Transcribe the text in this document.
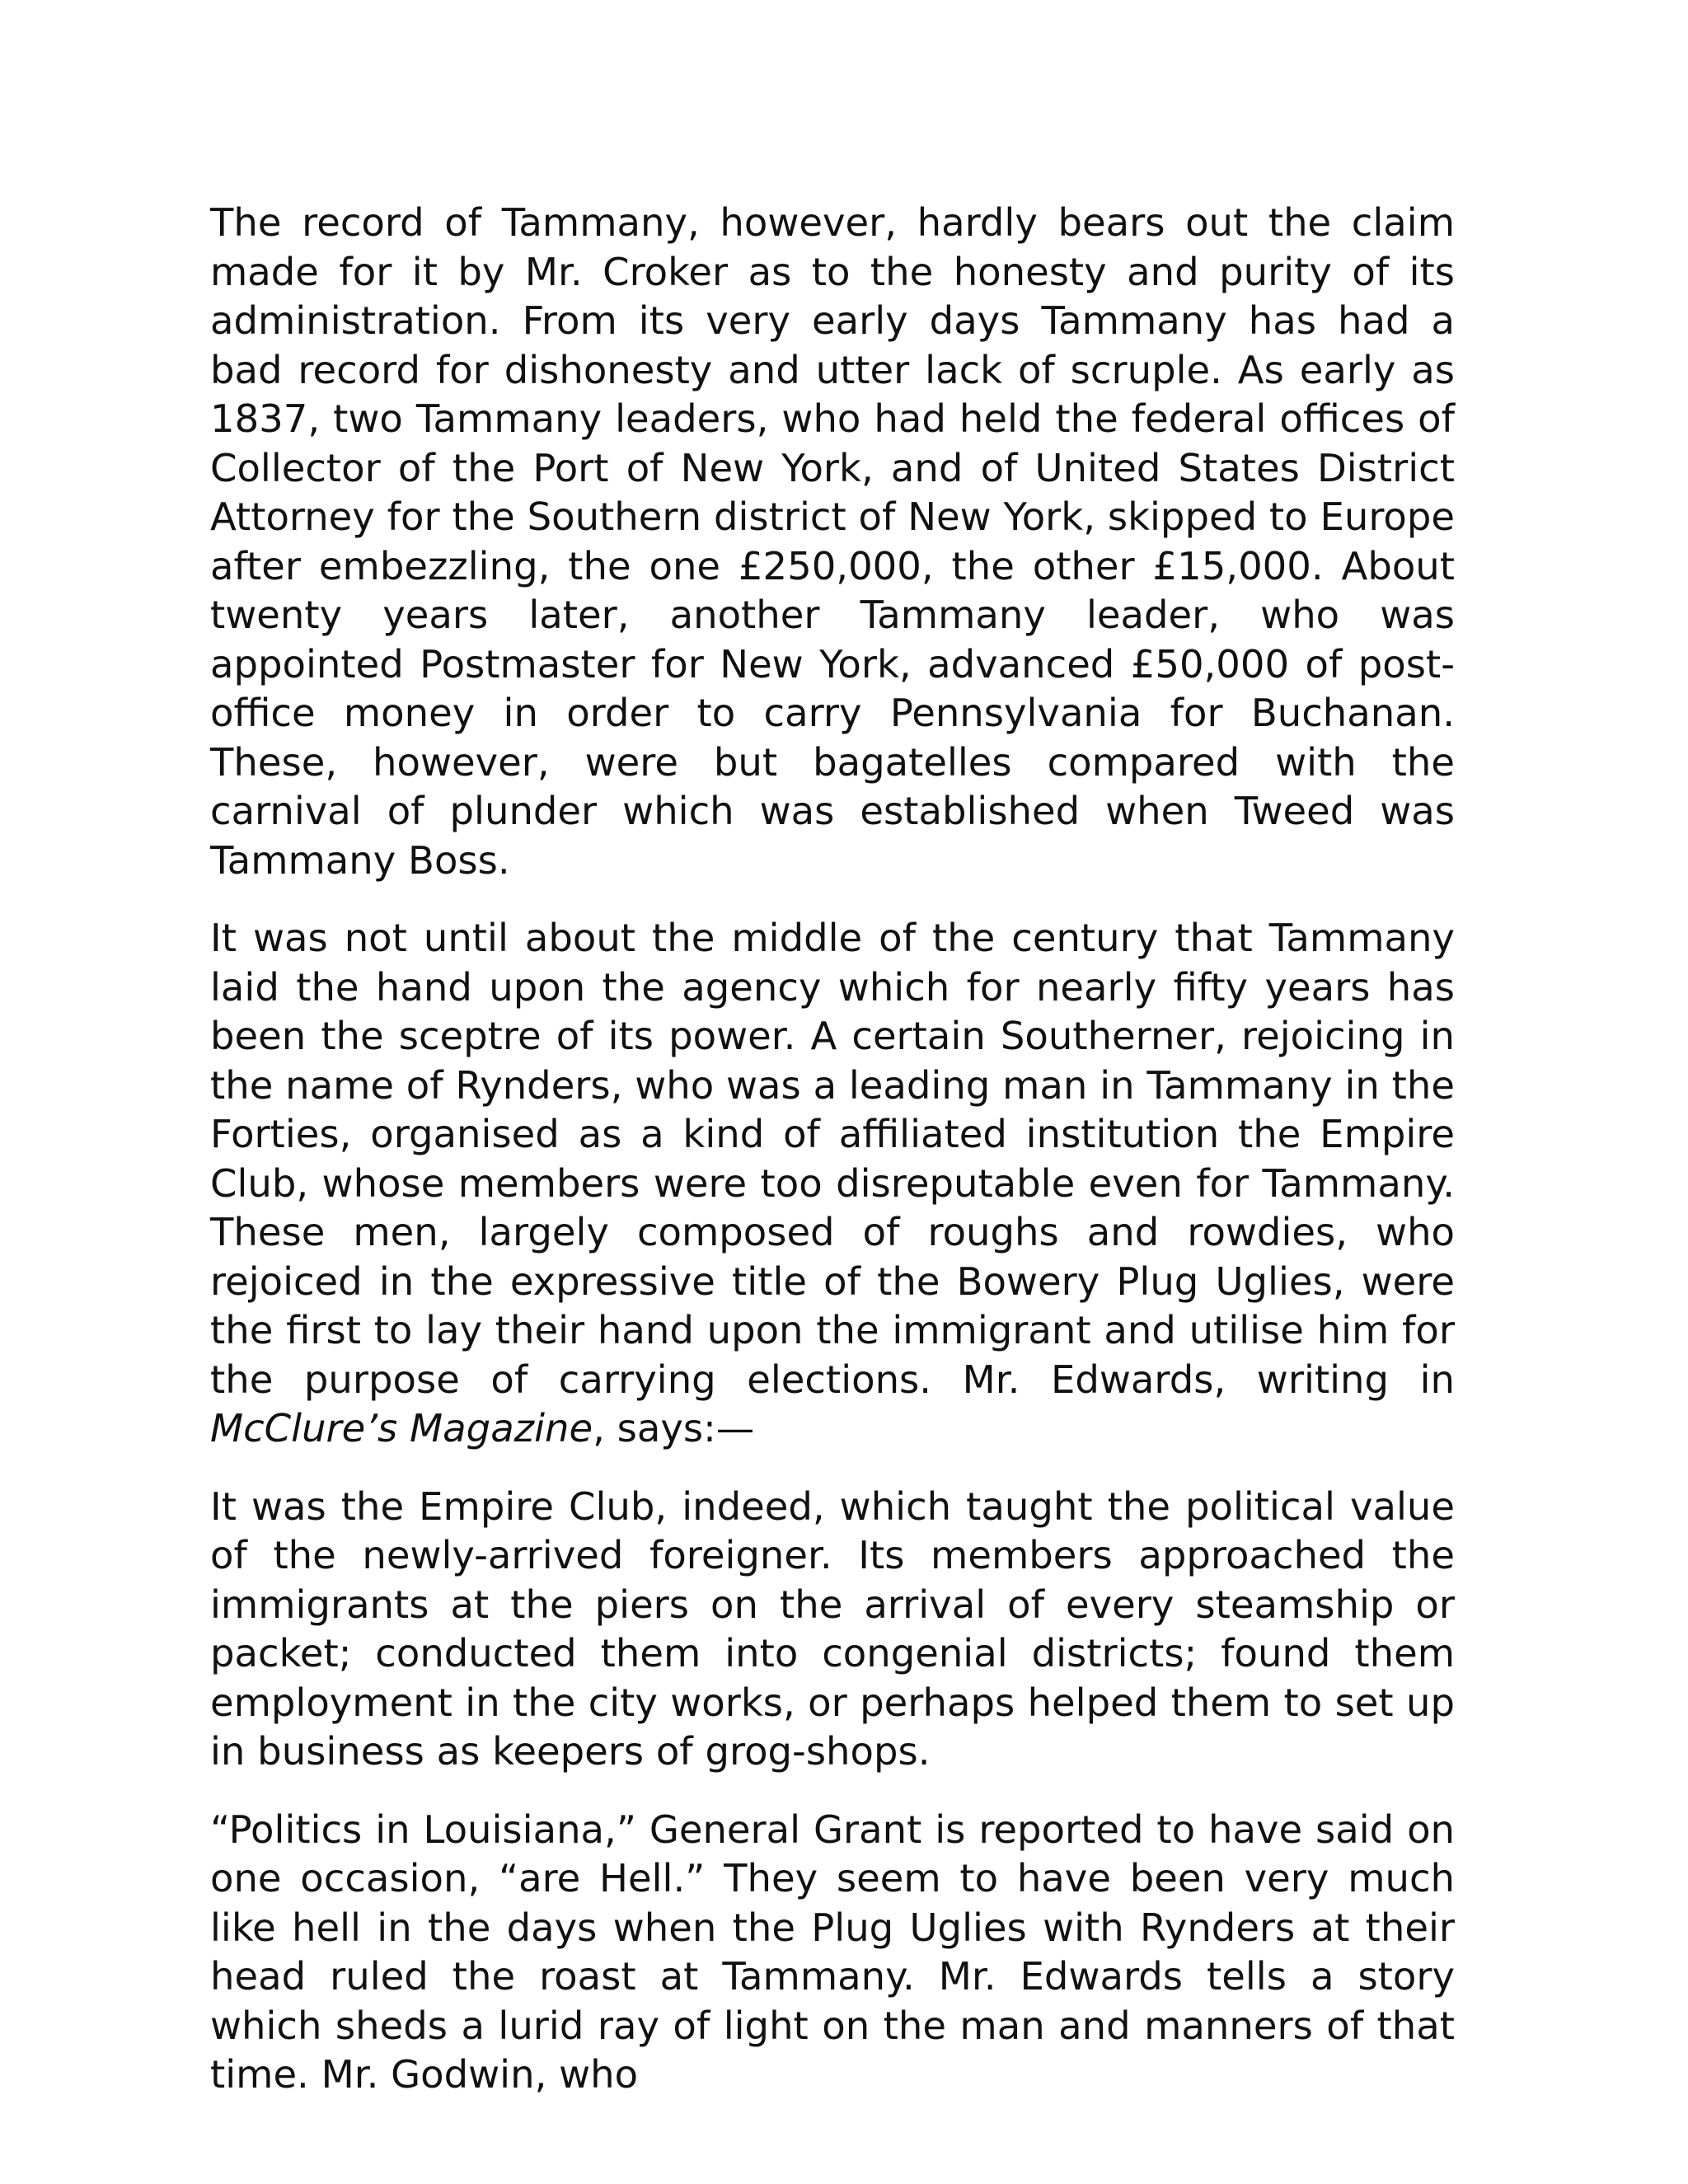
The record of Tammany, however, hardly bears out the claim made for it by Mr. Croker as to the honesty and purity of its administration. From its very early days Tammany has had a bad record for dishonesty and utter lack of scruple. As early as 1837, two Tammany leaders, who had held the federal offices of Collector of the Port of New York, and of United States District Attorney for the Southern district of New York, skipped to Europe after embezzling, the one £250,000, the other £15,000. About twenty years later, another Tammany leader, who was appointed Postmaster for New York, advanced £50,000 of post-office money in order to carry Pennsylvania for Buchanan. These, however, were but bagatelles compared with the carnival of plunder which was established when Tweed was Tammany Boss.

It was not until about the middle of the century that Tammany laid the hand upon the agency which for nearly fifty years has been the sceptre of its power. A certain Southerner, rejoicing in the name of Rynders, who was a leading man in Tammany in the Forties, organised as a kind of affiliated institution the Empire Club, whose members were too disreputable even for Tammany. These men, largely composed of roughs and rowdies, who rejoiced in the expressive title of the Bowery Plug Uglies, were the first to lay their hand upon the immigrant and utilise him for the purpose of carrying elections. Mr. Edwards, writing in McClure’s Magazine, says:—

It was the Empire Club, indeed, which taught the political value of the newly-arrived foreigner. Its members approached the immigrants at the piers on the arrival of every steamship or packet; conducted them into congenial districts; found them employment in the city works, or perhaps helped them to set up in business as keepers of grog-shops.

“Politics in Louisiana,” General Grant is reported to have said on one occasion, “are Hell.” They seem to have been very much like hell in the days when the Plug Uglies with Rynders at their head ruled the roast at Tammany. Mr. Edwards tells a story which sheds a lurid ray of light on the man and manners of that time. Mr. Godwin, who
